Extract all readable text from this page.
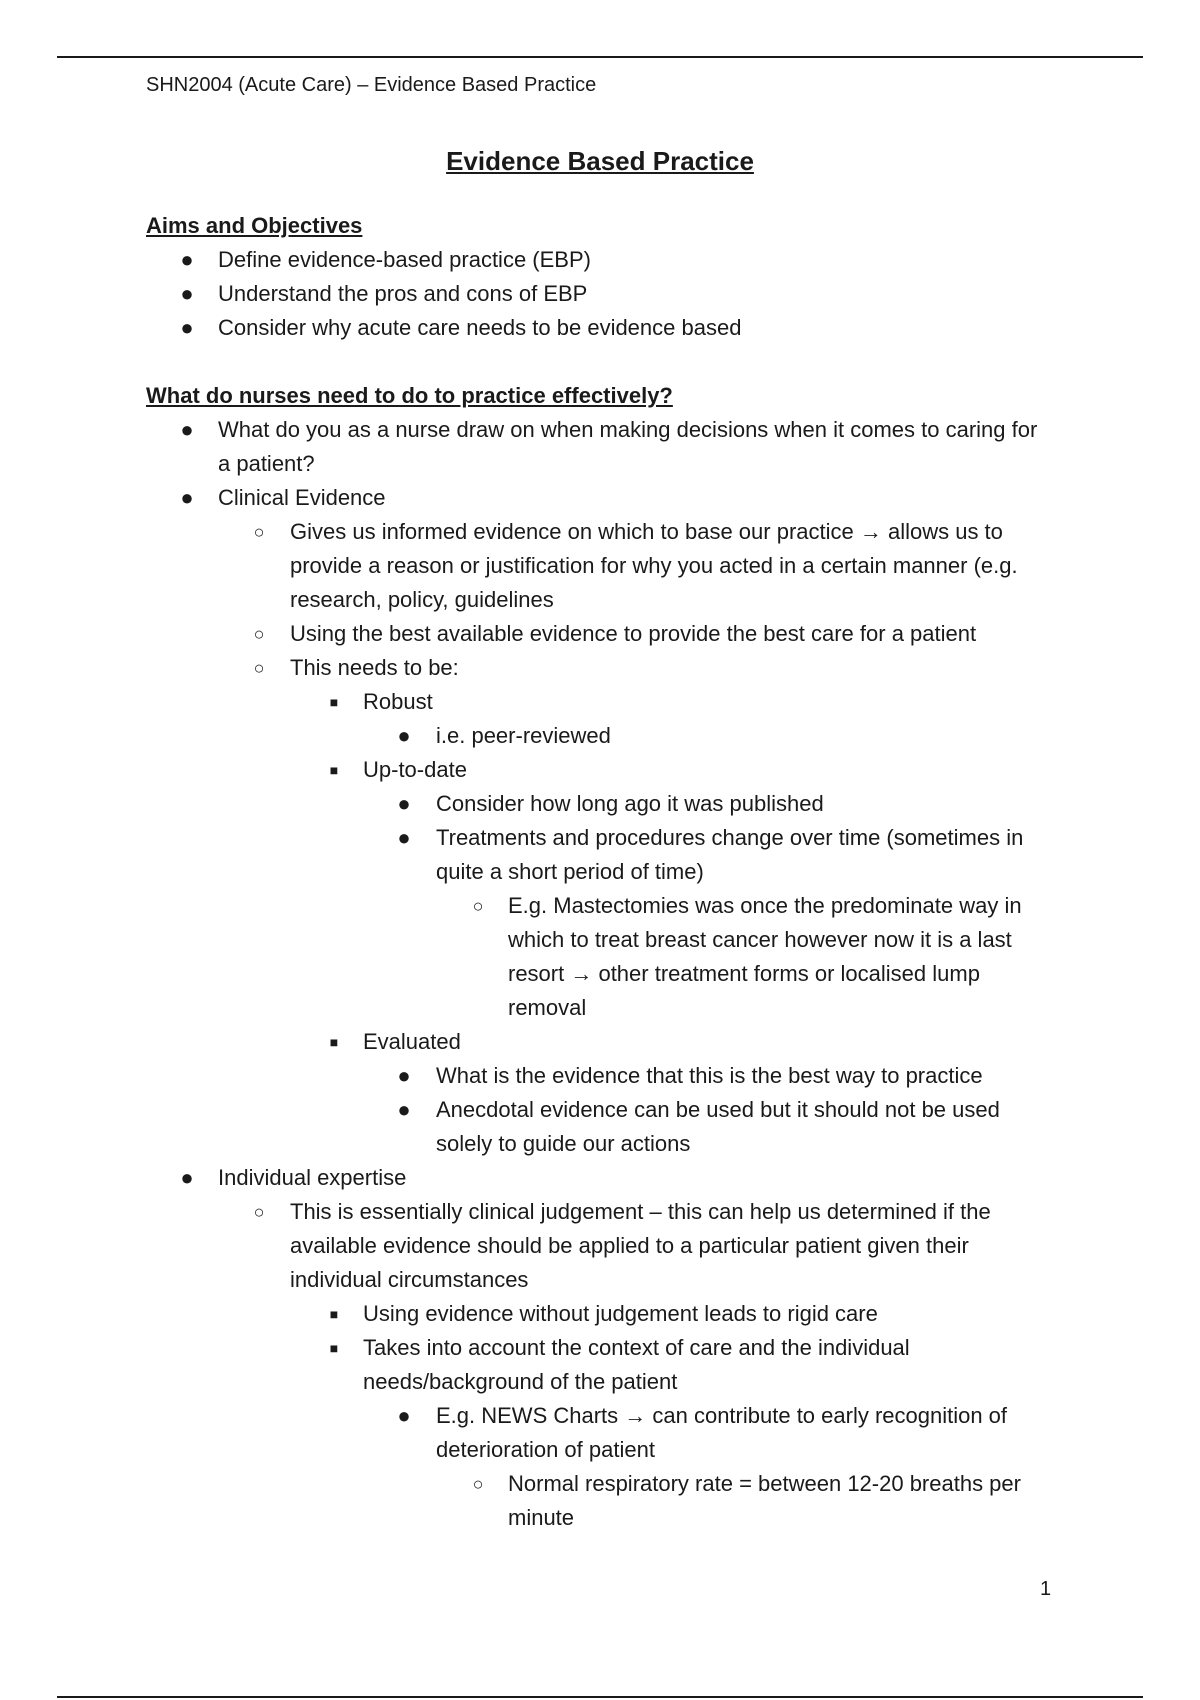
SHN2004 (Acute Care) – Evidence Based Practice
Evidence Based Practice
Aims and Objectives
● Define evidence-based practice (EBP)
● Understand the pros and cons of EBP
● Consider why acute care needs to be evidence based
What do nurses need to do to practice effectively?
● What do you as a nurse draw on when making decisions when it comes to caring for a patient?
● Clinical Evidence
○ Gives us informed evidence on which to base our practice → allows us to provide a reason or justification for why you acted in a certain manner (e.g. research, policy, guidelines
○ Using the best available evidence to provide the best care for a patient
○ This needs to be:
■	Robust
● i.e. peer-reviewed
■	Up-to-date
● Consider how long ago it was published
● Treatments and procedures change over time (sometimes in quite a short period of time)
○ E.g. Mastectomies was once the predominate way in which to treat breast cancer however now it is a last resort → other treatment forms or localised lump removal
■	Evaluated
● What is the evidence that this is the best way to practice
● Anecdotal evidence can be used but it should not be used solely to guide our actions
● Individual expertise
○ This is essentially clinical judgement – this can help us determined if the available evidence should be applied to a particular patient given their individual circumstances
■	Using evidence without judgement leads to rigid care
■	Takes into account the context of care and the individual needs/background of the patient
● E.g. NEWS Charts → can contribute to early recognition of deterioration of patient
○ Normal respiratory rate = between 12-20 breaths per minute
1
